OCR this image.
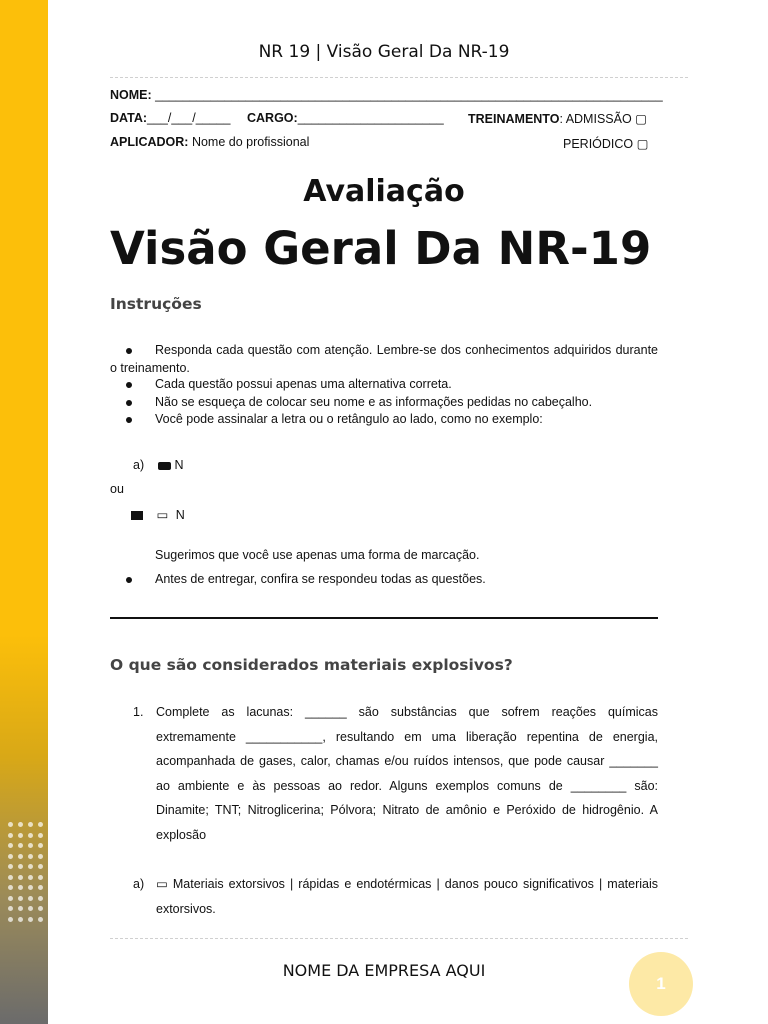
NR 19 | Visão Geral Da NR-19
NOME: _________________________________________________________________________
DATA:___/___/_____ CARGO:_____________________ TREINAMENTO: ADMISSÃO ▢
APLICADOR: Nome do profissional	PERIÓDICO ▢
Avaliação
Visão Geral Da NR-19
Instruções
Responda cada questão com atenção. Lembre-se dos conhecimentos adquiridos durante o treinamento.
Cada questão possui apenas uma alternativa correta.
Não se esqueça de colocar seu nome e as informações pedidas no cabeçalho.
Você pode assinalar a letra ou o retângulo ao lado, como no exemplo:
a)	N
ou
▭ N
Sugerimos que você use apenas uma forma de marcação.
Antes de entregar, confira se respondeu todas as questões.
O que são considerados materiais explosivos?
1. Complete as lacunas: ______ são substâncias que sofrem reações químicas extremamente ___________, resultando em uma liberação repentina de energia, acompanhada de gases, calor, chamas e/ou ruídos intensos, que pode causar _______ ao ambiente e às pessoas ao redor. Alguns exemplos comuns de ________ são: Dinamite; TNT; Nitroglicerina; Pólvora; Nitrato de amônio e Peróxido de hidrogênio. A explosão
a) ▭ Materiais extorsivos | rápidas e endotérmicas | danos pouco significativos | materiais extorsivos.
NOME DA EMPRESA AQUI
1
